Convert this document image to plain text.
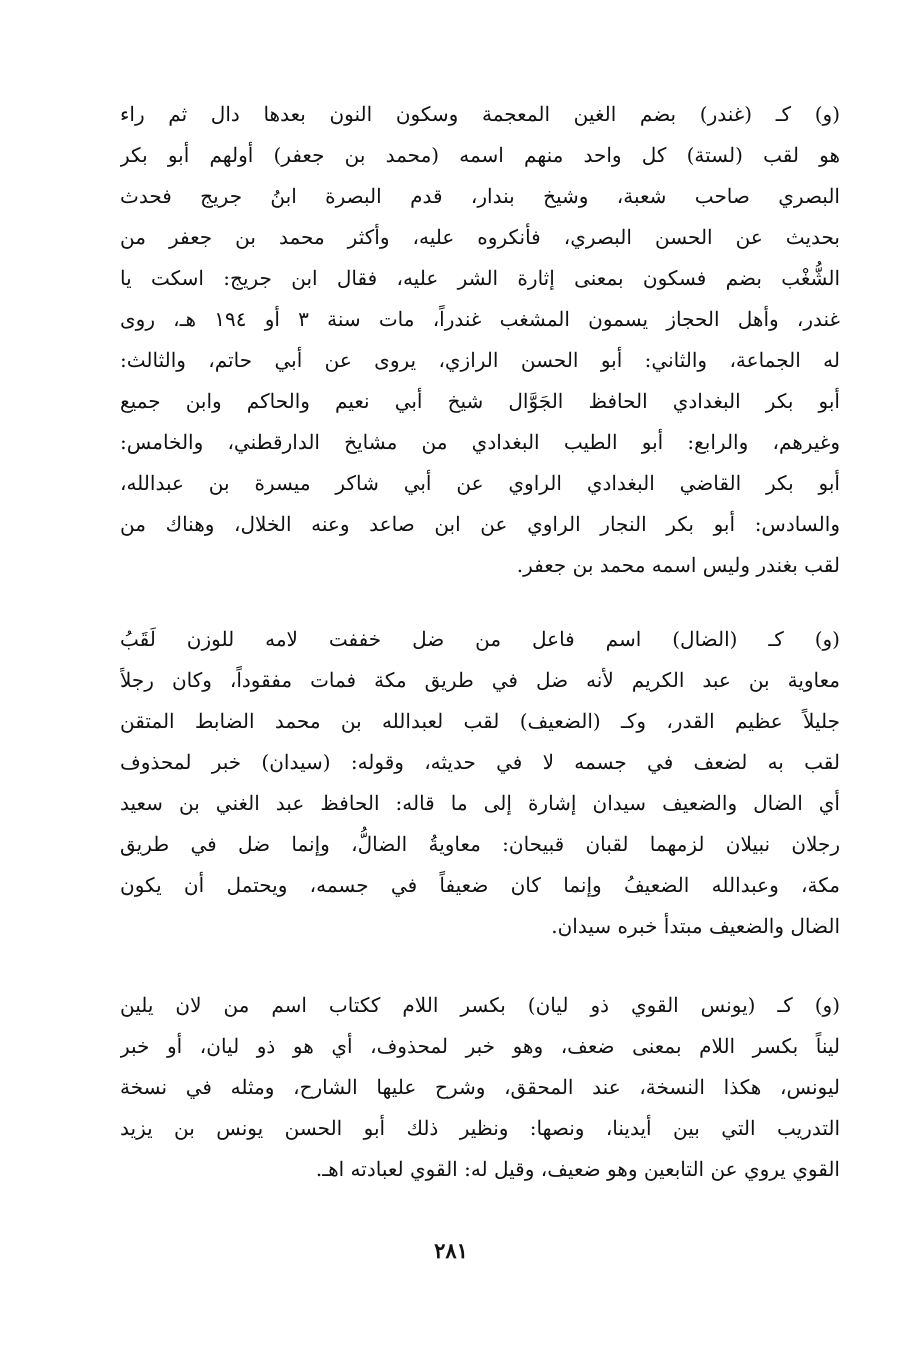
(و) كـ (غندر) بضم الغين المعجمة وسكون النون بعدها دال ثم راء
هو لقب (لستة) كل واحد منهم اسمه (محمد بن جعفر) أولهم أبو بكر
البصري صاحب شعبة، وشيخ بندار، قدم البصرة ابنُ جريج فحدث
بحديث عن الحسن البصري، فأنكروه عليه، وأكثر محمد بن جعفر من
الشُّغْب بضم فسكون بمعنى إثارة الشر عليه، فقال ابن جريج: اسكت يا
غندر، وأهل الحجاز يسمون المشغب غندراً، مات سنة ٣ أو ١٩٤ هـ، روى
له الجماعة، والثاني: أبو الحسن الرازي، يروى عن أبي حاتم، والثالث:
أبو بكر البغدادي الحافظ الجَوَّال شيخ أبي نعيم والحاكم وابن جميع
وغيرهم، والرابع: أبو الطيب البغدادي من مشايخ الدارقطني، والخامس:
أبو بكر القاضي البغدادي الراوي عن أبي شاكر ميسرة بن عبدالله،
والسادس: أبو بكر النجار الراوي عن ابن صاعد وعنه الخلال، وهناك من
لقب بغندر وليس اسمه محمد بن جعفر.
(و) كـ (الضال) اسم فاعل من ضل خففت لامه للوزن لَقَبُ
معاوية بن عبد الكريم لأنه ضل في طريق مكة فمات مفقوداً، وكان رجلاً
جليلاً عظيم القدر، وكـ (الضعيف) لقب لعبدالله بن محمد الضابط المتقن
لقب به لضعف في جسمه لا في حديثه، وقوله: (سيدان) خبر لمحذوف
أي الضال والضعيف سيدان إشارة إلى ما قاله: الحافظ عبد الغني بن سعيد
رجلان نبيلان لزمهما لقبان قبيحان: معاويةُ الضالُّ، وإنما ضل في طريق
مكة، وعبدالله الضعيفُ وإنما كان ضعيفاً في جسمه، ويحتمل أن يكون
الضال والضعيف مبتدأ خبره سيدان.
(و) كـ (يونس القوي ذو ليان) بكسر اللام ككتاب اسم من لان يلين
ليناً بكسر اللام بمعنى ضعف، وهو خبر لمحذوف، أي هو ذو ليان، أو خبر
ليونس، هكذا النسخة، عند المحقق، وشرح عليها الشارح، ومثله في نسخة
التدريب التي بين أيدينا، ونصها: ونظير ذلك أبو الحسن يونس بن يزيد
القوي يروي عن التابعين وهو ضعيف، وقيل له: القوي لعبادته اهـ.
٢٨١
